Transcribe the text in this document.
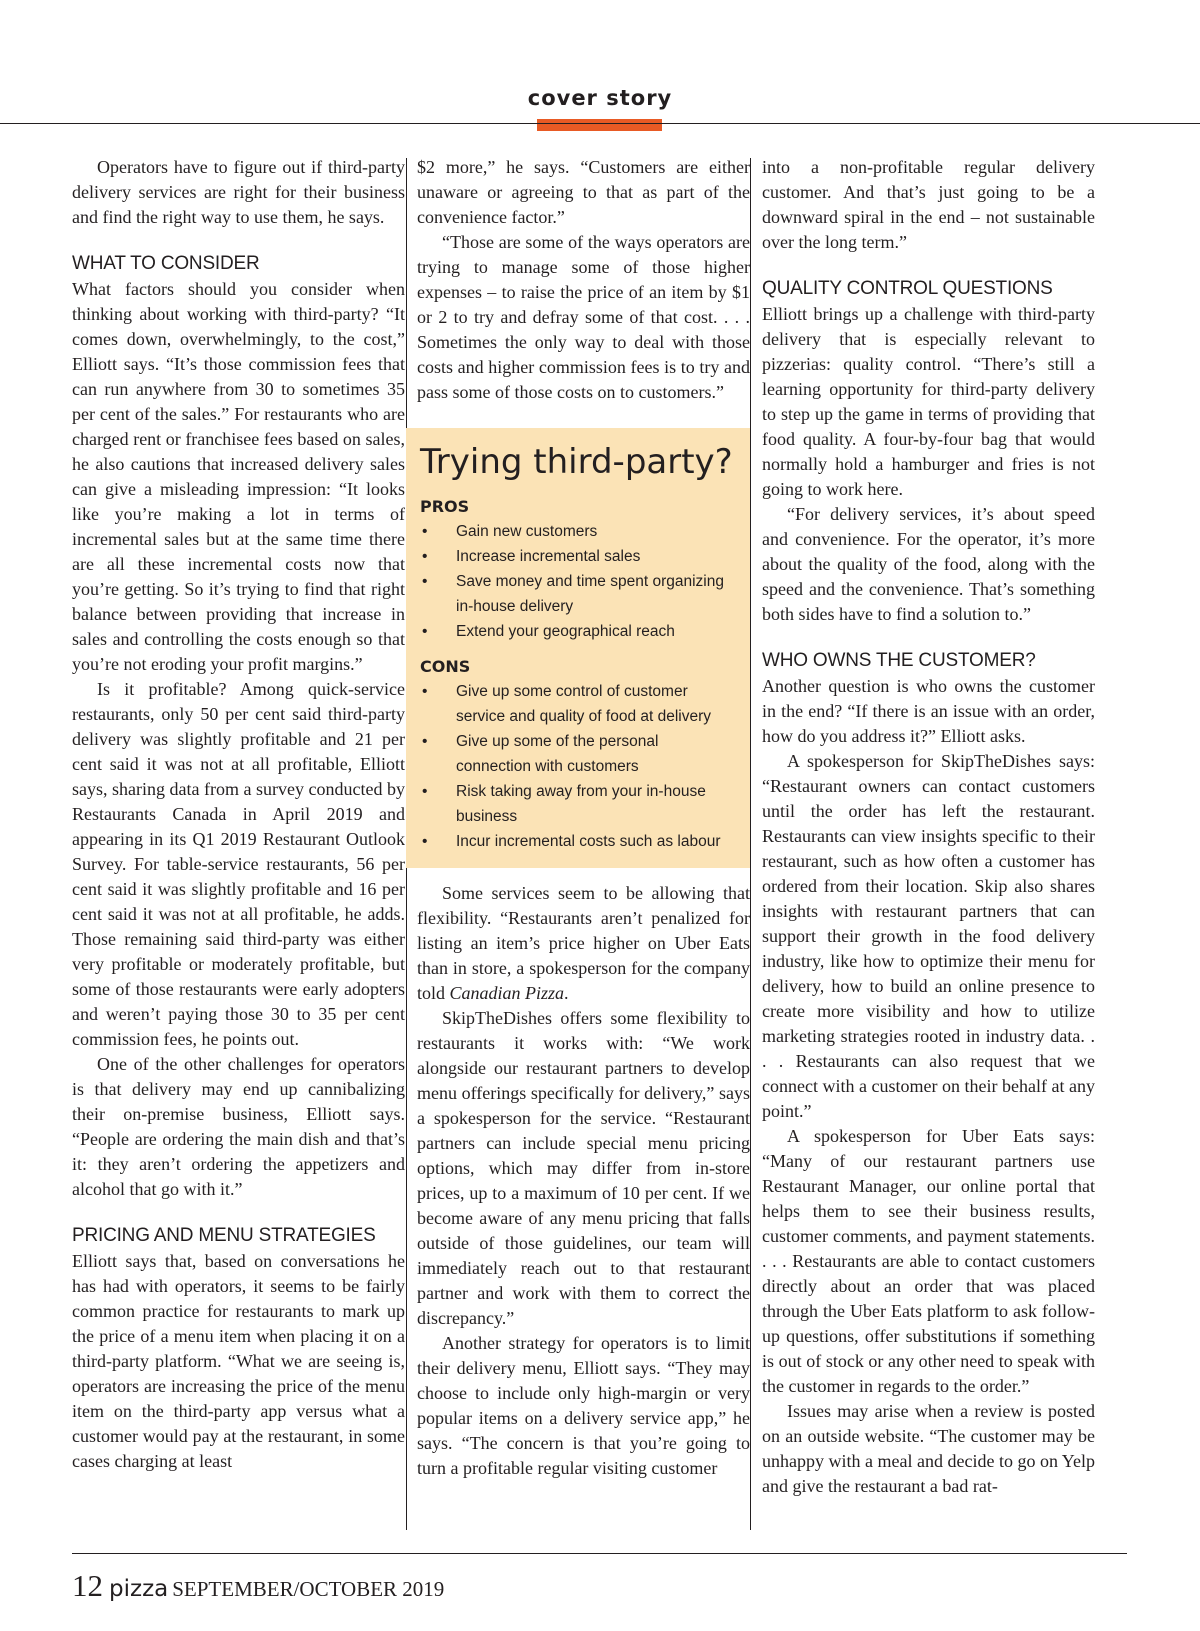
cover story

Operators have to figure out if third-party delivery services are right for their business and find the right way to use them, he says.

WHAT TO CONSIDER

What factors should you consider when thinking about working with third-party? “It comes down, overwhelmingly, to the cost,” Elliott says. “It’s those commission fees that can run anywhere from 30 to sometimes 35 per cent of the sales.” For restaurants who are charged rent or franchisee fees based on sales, he also cautions that increased delivery sales can give a misleading impression: “It looks like you’re making a lot in terms of incremental sales but at the same time there are all these incremental costs now that you’re getting. So it’s trying to find that right balance between providing that increase in sales and controlling the costs enough so that you’re not eroding your profit margins.”

Is it profitable? Among quick-service restaurants, only 50 per cent said third-party delivery was slightly profitable and 21 per cent said it was not at all profitable, Elliott says, sharing data from a survey conducted by Restaurants Canada in April 2019 and appearing in its Q1 2019 Restaurant Outlook Survey. For table-service restaurants, 56 per cent said it was slightly profitable and 16 per cent said it was not at all profitable, he adds. Those remaining said third-party was either very profitable or moderately profitable, but some of those restaurants were early adopters and weren’t paying those 30 to 35 per cent commission fees, he points out.

One of the other challenges for operators is that delivery may end up cannibalizing their on-premise business, Elliott says. “People are ordering the main dish and that’s it: they aren’t ordering the appetizers and alcohol that go with it.”

PRICING AND MENU STRATEGIES

Elliott says that, based on conversations he has had with operators, it seems to be fairly common practice for restaurants to mark up the price of a menu item when placing it on a third-party platform. “What we are seeing is, operators are increasing the price of the menu item on the third-party app versus what a customer would pay at the restaurant, in some cases charging at least

$2 more,” he says. “Customers are either unaware or agreeing to that as part of the convenience factor.”

“Those are some of the ways operators are trying to manage some of those higher expenses – to raise the price of an item by $1 or 2 to try and defray some of that cost. . . . Sometimes the only way to deal with those costs and higher commission fees is to try and pass some of those costs on to customers.”

Trying third-party?
PROS
• Gain new customers
• Increase incremental sales
• Save money and time spent organizing in-house delivery
• Extend your geographical reach
CONS
• Give up some control of customer service and quality of food at delivery
• Give up some of the personal connection with customers
• Risk taking away from your in-house business
• Incur incremental costs such as labour

Some services seem to be allowing that flexibility. “Restaurants aren’t penalized for listing an item’s price higher on Uber Eats than in store, a spokesperson for the company told Canadian Pizza.

SkipTheDishes offers some flexibility to restaurants it works with: “We work alongside our restaurant partners to develop menu offerings specifically for delivery,” says a spokesperson for the service. “Restaurant partners can include special menu pricing options, which may differ from in-store prices, up to a maximum of 10 per cent. If we become aware of any menu pricing that falls outside of those guidelines, our team will immediately reach out to that restaurant partner and work with them to correct the discrepancy.”

Another strategy for operators is to limit their delivery menu, Elliott says. “They may choose to include only high-margin or very popular items on a delivery service app,” he says. “The concern is that you’re going to turn a profitable regular visiting customer

into a non-profitable regular delivery customer. And that’s just going to be a downward spiral in the end – not sustainable over the long term.”

QUALITY CONTROL QUESTIONS

Elliott brings up a challenge with third-party delivery that is especially relevant to pizzerias: quality control. “There’s still a learning opportunity for third-party delivery to step up the game in terms of providing that food quality. A four-by-four bag that would normally hold a hamburger and fries is not going to work here.

“For delivery services, it’s about speed and convenience. For the operator, it’s more about the quality of the food, along with the speed and the convenience. That’s something both sides have to find a solution to.”

WHO OWNS THE CUSTOMER?

Another question is who owns the customer in the end? “If there is an issue with an order, how do you address it?” Elliott asks.

A spokesperson for SkipTheDishes says: “Restaurant owners can contact customers until the order has left the restaurant. Restaurants can view insights specific to their restaurant, such as how often a customer has ordered from their location. Skip also shares insights with restaurant partners that can support their growth in the food delivery industry, like how to optimize their menu for delivery, how to build an online presence to create more visibility and how to utilize marketing strategies rooted in industry data. . . . Restaurants can also request that we connect with a customer on their behalf at any point.”

A spokesperson for Uber Eats says: “Many of our restaurant partners use Restaurant Manager, our online portal that helps them to see their business results, customer comments, and payment statements. . . . Restaurants are able to contact customers directly about an order that was placed through the Uber Eats platform to ask follow-up questions, offer substitutions if something is out of stock or any other need to speak with the customer in regards to the order.”

Issues may arise when a review is posted on an outside website. “The customer may be unhappy with a meal and decide to go on Yelp and give the restaurant a bad rat-

12 pizza SEPTEMBER/OCTOBER 2019
